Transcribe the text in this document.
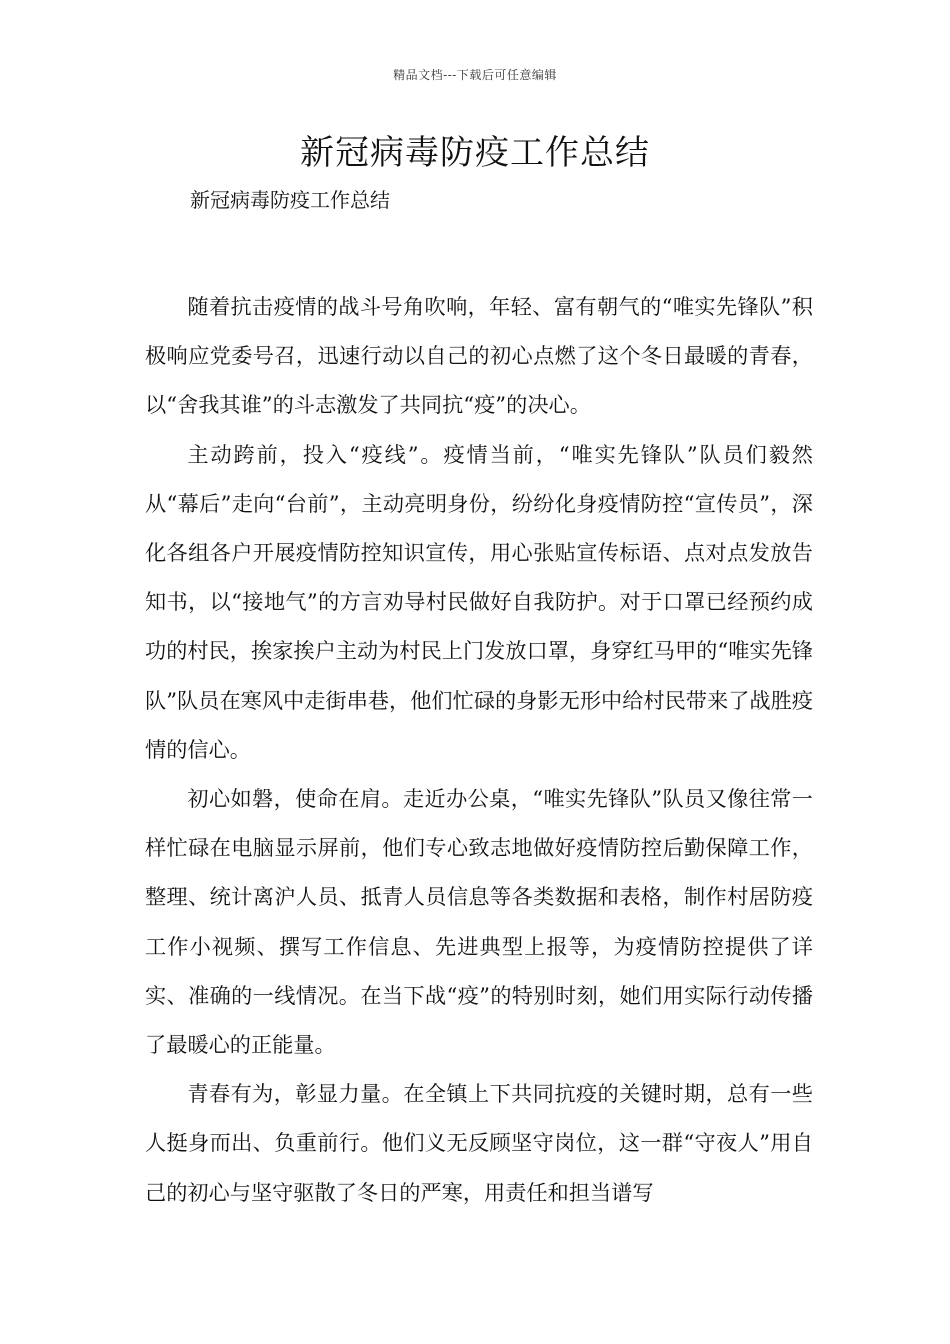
精品文档---下载后可任意编辑
新冠病毒防疫工作总结

新冠病毒防疫工作总结

随着抗击疫情的战斗号角吹响，年轻、富有朝气的“唯实先锋队”积极响应党委号召，迅速行动以自己的初心点燃了这个冬日最暖的青春，以“舍我其谁”的斗志激发了共同抗“疫”的决心。

主动跨前，投入“疫线”。疫情当前，“唯实先锋队”队员们毅然从“幕后”走向“台前”，主动亮明身份，纷纷化身疫情防控“宣传员”，深化各组各户开展疫情防控知识宣传，用心张贴宣传标语、点对点发放告知书，以“接地气”的方言劝导村民做好自我防护。对于口罩已经预约成功的村民，挨家挨户主动为村民上门发放口罩，身穿红马甲的“唯实先锋队”队员在寒风中走街串巷，他们忙碌的身影无形中给村民带来了战胜疫情的信心。

初心如磐，使命在肩。走近办公桌，“唯实先锋队”队员又像往常一样忙碌在电脑显示屏前，他们专心致志地做好疫情防控后勤保障工作，整理、统计离沪人员、抵青人员信息等各类数据和表格，制作村居防疫工作小视频、撰写工作信息、先进典型上报等，为疫情防控提供了详实、准确的一线情况。在当下战“疫”的特别时刻，她们用实际行动传播了最暖心的正能量。

青春有为，彰显力量。在全镇上下共同抗疫的关键时期，总有一些人挺身而出、负重前行。他们义无反顾坚守岗位，这一群“守夜人”用自己的初心与坚守驱散了冬日的严寒，用责任和担当谱写
